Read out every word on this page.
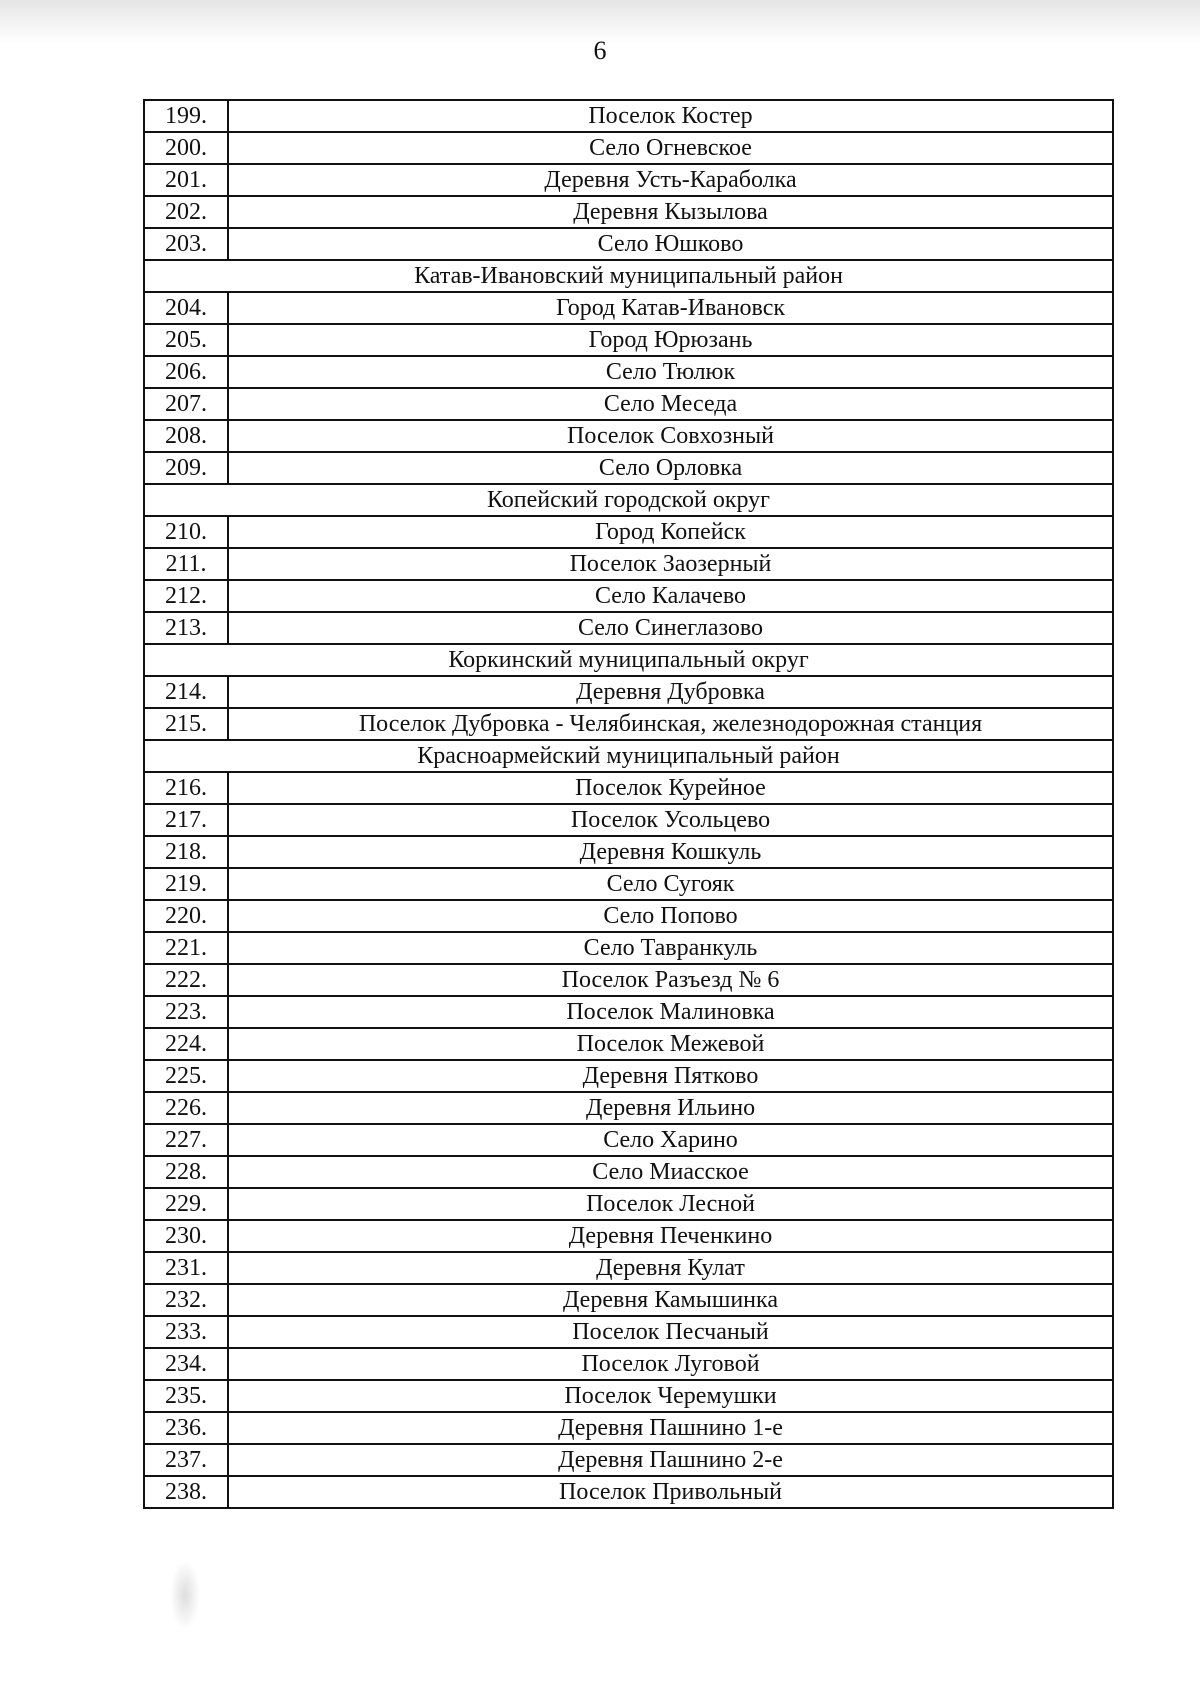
6
199.	Поселок Костер
200.	Село Огневское
201.	Деревня Усть-Караболка
202.	Деревня Кызылова
203.	Село Юшково
Катав-Ивановский муниципальный район	
204.	Город Катав-Ивановск
205.	Город Юрюзань
206.	Село Тюлюк
207.	Село Меседа
208.	Поселок Совхозный
209.	Село Орловка
Копейский городской округ	
210.	Город Копейск
211.	Поселок Заозерный
212.	Село Калачево
213.	Село Синеглазово
Коркинский муниципальный округ	
214.	Деревня Дубровка
215.	Поселок Дубровка - Челябинская, железнодорожная станция
Красноармейский муниципальный район	
216.	Поселок Курейное
217.	Поселок Усольцево
218.	Деревня Кошкуль
219.	Село Сугояк
220.	Село Попово
221.	Село Тавранкуль
222.	Поселок Разъезд № 6
223.	Поселок Малиновка
224.	Поселок Межевой
225.	Деревня Пятково
226.	Деревня Ильино
227.	Село Харино
228.	Село Миасское
229.	Поселок Лесной
230.	Деревня Печенкино
231.	Деревня Кулат
232.	Деревня Камышинка
233.	Поселок Песчаный
234.	Поселок Луговой
235.	Поселок Черемушки
236.	Деревня Пашнино 1-е
237.	Деревня Пашнино 2-е
238.	Поселок Привольный
